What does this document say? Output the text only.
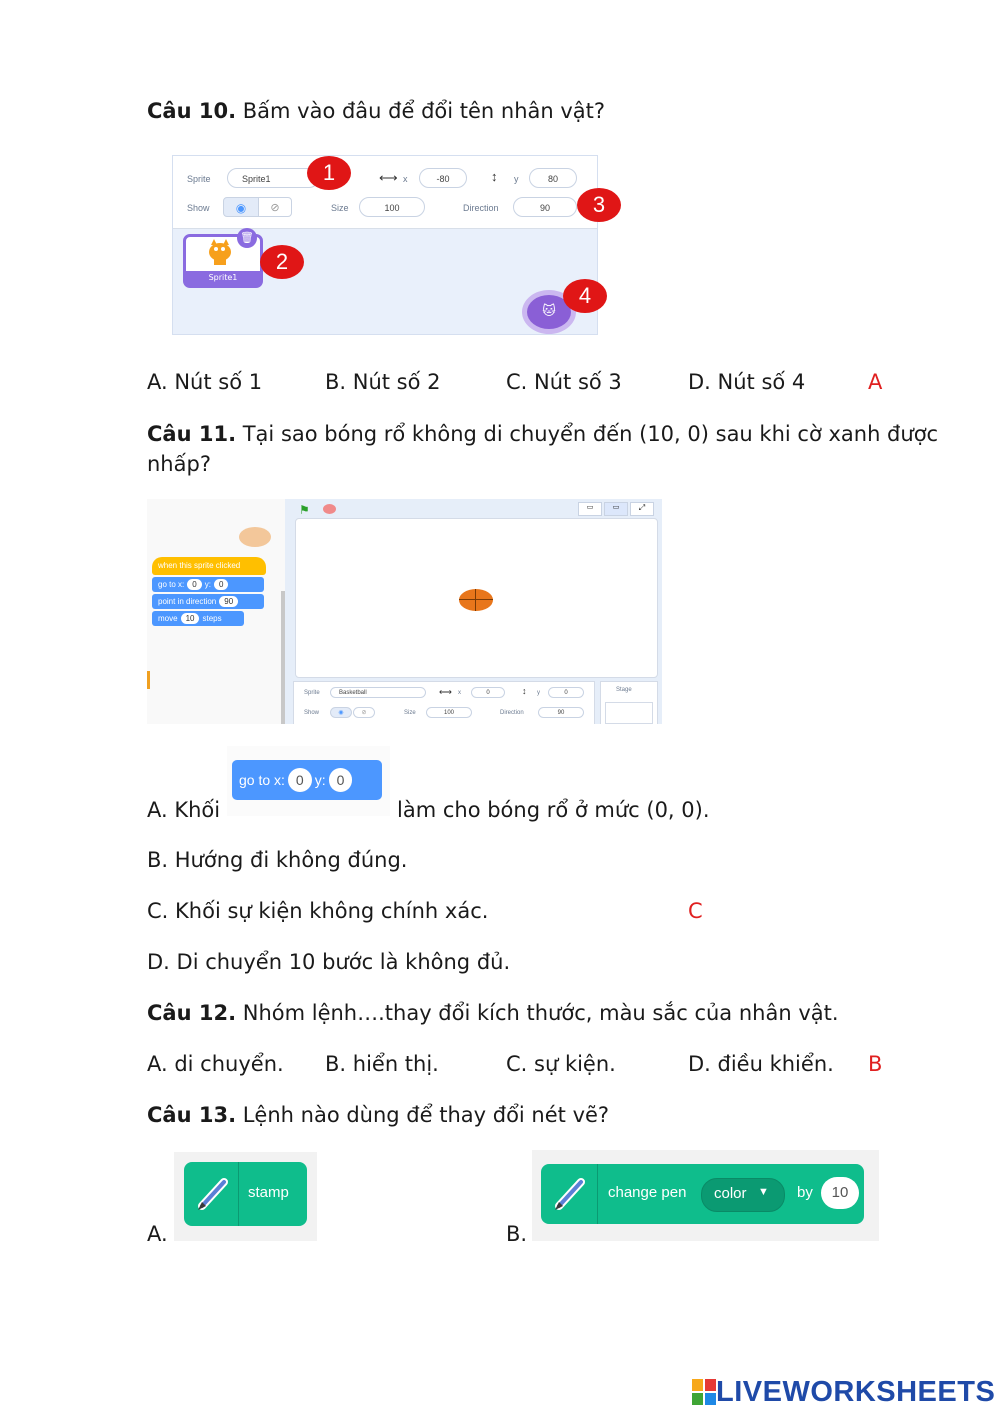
Câu 10. Bấm vào đâu để đổi tên nhân vật?
Sprite	Sprite1	⟷ x	-80	↕ y	80
Show	◉	⊘	Size	100	Direction	90
Sprite1
🗑
🐱
1
2
3
4
A. Nút số 1	B. Nút số 2	C. Nút số 3	D. Nút số 4	A
Câu 11. Tại sao bóng rổ không di chuyển đến (10, 0) sau khi cờ xanh được nhấp?
when this sprite clicked
go to x: 0 y: 0
point in direction 90
move 10 steps
⚑	▭	▭	⤢
Sprite	Basketball	⟷ x	0	↕ y	0
Show	◉	⊘	Size	100	Direction	90
Stage
A. Khối
go to x: 0 y: 0
làm cho bóng rổ ở mức (0, 0).
B. Hướng đi không đúng.
C. Khối sự kiện không chính xác.	C
D. Di chuyển 10 bước là không đủ.
Câu 12. Nhóm lệnh….thay đổi kích thước, màu sắc của nhân vật.
A. di chuyển. B. hiển thị.	C. sự kiện.	D. điều khiển. B
Câu 13. Lệnh nào dùng để thay đổi nét vẽ?
A.
stamp
B.
change pen color ▼ by	10
LIVEWORKSHEETS
